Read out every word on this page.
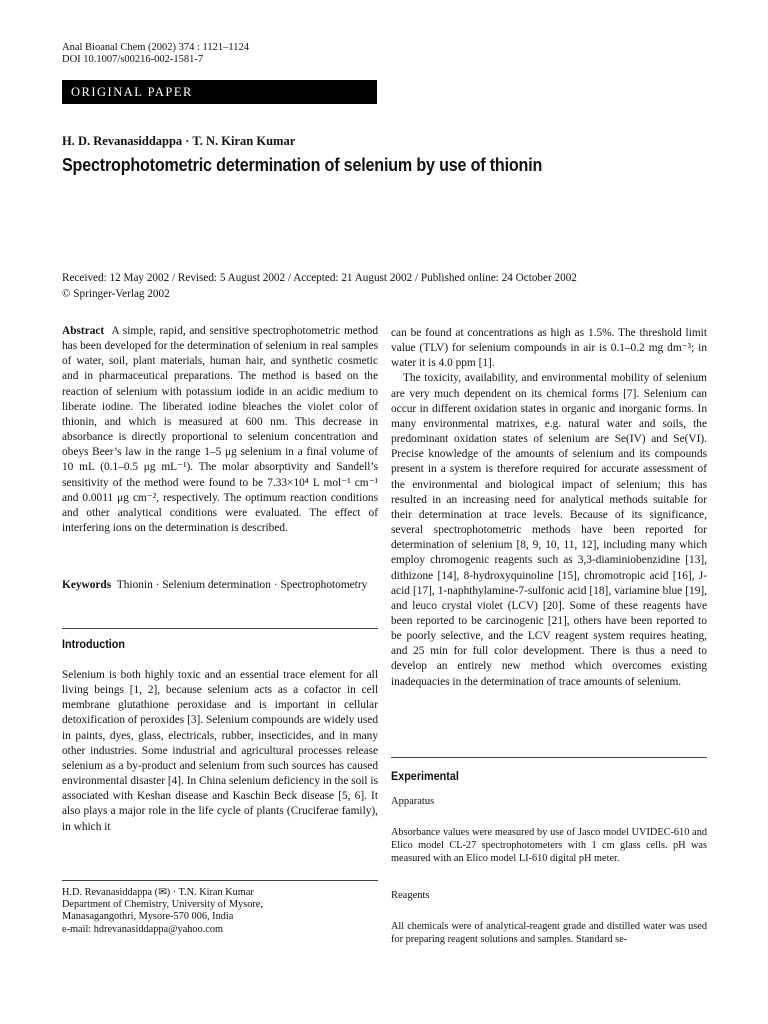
Anal Bioanal Chem (2002) 374 : 1121–1124
DOI 10.1007/s00216-002-1581-7
ORIGINAL PAPER
H. D. Revanasiddappa · T. N. Kiran Kumar
Spectrophotometric determination of selenium by use of thionin
Received: 12 May 2002 / Revised: 5 August 2002 / Accepted: 21 August 2002 / Published online: 24 October 2002
© Springer-Verlag 2002

Abstract A simple, rapid, and sensitive spectrophotometric method has been developed for the determination of selenium in real samples of water, soil, plant materials, human hair, and synthetic cosmetic and in pharmaceutical preparations. The method is based on the reaction of selenium with potassium iodide in an acidic medium to liberate iodine. The liberated iodine bleaches the violet color of thionin, and which is measured at 600 nm. This decrease in absorbance is directly proportional to selenium concentration and obeys Beer’s law in the range 1–5 μg selenium in a final volume of 10 mL (0.1–0.5 μg mL⁻¹). The molar absorptivity and Sandell’s sensitivity of the method were found to be 7.33×10⁴ L mol⁻¹ cm⁻¹ and 0.0011 μg cm⁻², respectively. The optimum reaction conditions and other analytical conditions were evaluated. The effect of interfering ions on the determination is described.

Keywords Thionin · Selenium determination · Spectrophotometry

Introduction

Selenium is both highly toxic and an essential trace element for all living beings [1, 2], because selenium acts as a cofactor in cell membrane glutathione peroxidase and is important in cellular detoxification of peroxides [3]. Selenium compounds are widely used in paints, dyes, glass, electricals, rubber, insecticides, and in many other industries. Some industrial and agricultural processes release selenium as a by-product and selenium from such sources has caused environmental disaster [4]. In China selenium deficiency in the soil is associated with Keshan disease and Kaschin Beck disease [5, 6]. It also plays a major role in the life cycle of plants (Cruciferae family), in which it

H.D. Revanasiddappa (✉) · T.N. Kiran Kumar
Department of Chemistry, University of Mysore,
Manasagangothri, Mysore-570 006, India
e-mail: hdrevanasiddappa@yahoo.com

can be found at concentrations as high as 1.5%. The threshold limit value (TLV) for selenium compounds in air is 0.1–0.2 mg dm⁻³; in water it is 4.0 ppm [1].

The toxicity, availability, and environmental mobility of selenium are very much dependent on its chemical forms [7]. Selenium can occur in different oxidation states in organic and inorganic forms. In many environmental matrixes, e.g. natural water and soils, the predominant oxidation states of selenium are Se(IV) and Se(VI). Precise knowledge of the amounts of selenium and its compounds present in a system is therefore required for accurate assessment of the environmental and biological impact of selenium; this has resulted in an increasing need for analytical methods suitable for their determination at trace levels. Because of its significance, several spectrophotometric methods have been reported for determination of selenium [8, 9, 10, 11, 12], including many which employ chromogenic reagents such as 3,3-diaminiobenzidine [13], dithizone [14], 8-hydroxyquinoline [15], chromotropic acid [16], J-acid [17], 1-naphthylamine-7-sulfonic acid [18], variamine blue [19], and leuco crystal violet (LCV) [20]. Some of these reagents have been reported to be carcinogenic [21], others have been reported to be poorly selective, and the LCV reagent system requires heating, and 25 min for full color development. There is thus a need to develop an entirely new method which overcomes existing inadequacies in the determination of trace amounts of selenium.

Experimental
Apparatus
Absorbance values were measured by use of Jasco model UVIDEC-610 and Elico model CL-27 spectrophotometers with 1 cm glass cells. pH was measured with an Elico model LI-610 digital pH meter.
Reagents
All chemicals were of analytical-reagent grade and distilled water was used for preparing reagent solutions and samples. Standard se-
